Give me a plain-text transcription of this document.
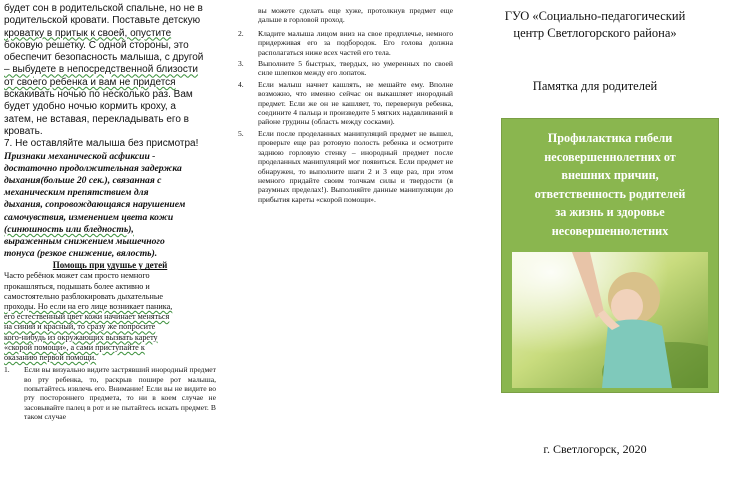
будет сон в родительской спальне, но не в
родительской кровати. Поставьте детскую
кроватку в притык к своей, опустите
боковую решетку. С одной стороны, это
обеспечит безопасность малыша, с другой
– выбудете в непосредственной близости
от своего ребенка и вам не придется
вскакивать ночью по несколько раз. Вам
будет удобно ночью кормить кроху, а
затем, не вставая, перекладывать его в
кровать.
7. Не оставляйте малыша без присмотра!
Признаки механической асфиксии -
достаточно продолжительная задержка
дыхания(больше 20 сек.), связанная с
механическим препятствием для
дыхания, сопровождающаяся нарушением
самочувствия, изменением цвета кожи
(синюшность или бледность),
выраженным снижением мышечного
тонуса (резкое снижение, вялость).
Помощь при удушье у детей
Часто ребёнок может сам просто немного
прокашляться, подышать более активно и
самостоятельно разблокировать дыхательные
проходы. Но если на его лице возникает паника,
его естественный цвет кожи начинает меняться
на синий и красный, то сразу же попросите
кого-нибудь из окружающих вызвать карету
«скорой помощи», а сами приступайте к
оказанию первой помощи.
1.	Если вы визуально видите застрявший инородный предмет во рту ребенка, то, раскрыв пошире рот малыша, попытайтесь извлечь его. Внимание! Если вы не видите во рту постороннего предмета, то ни в коем случае не засовывайте палец в рот и не пытайтесь искать предмет. В таком случае

вы можете сделать еще хуже, протолкнув предмет еще дальше в горловой проход.

2.	Кладите малыша лицом вниз на свое предплечье, немного придерживая его за подбородок. Его голова должна располагаться ниже всех частей его тела.
3.	Выполните 5 быстрых, твердых, но умеренных по своей силе шлепков между его лопаток.
4.	Если малыш начнет кашлять, не мешайте ему. Вполне возможно, что именно сейчас он выкашляет инородный предмет. Если же он не кашляет, то, перевернув ребенка, соедините 4 пальца и произведите 5 мягких надавливаний в районе грудины (область между сосками).
5.	Если после проделанных манипуляций предмет не вышел, проверьте еще раз ротовую полость ребенка и осмотрите заднюю горловую стенку – инородный предмет после проделанных манипуляций мог появиться. Если предмет не обнаружен, то выполните шаги 2 и 3 еще раз, при этом немного придайте своим толчкам силы и твердости (в разумных пределах!). Выполняйте данные манипуляции до прибытия кареты «скорой помощи».
ГУО «Социально-педагогический
центр Светлогорского района»
Памятка для родителей
Профилактика гибели
несовершеннолетних от
внешних причин,
ответственность родителей
за жизнь и здоровье
несовершеннолетних
г. Светлогорск, 2020
